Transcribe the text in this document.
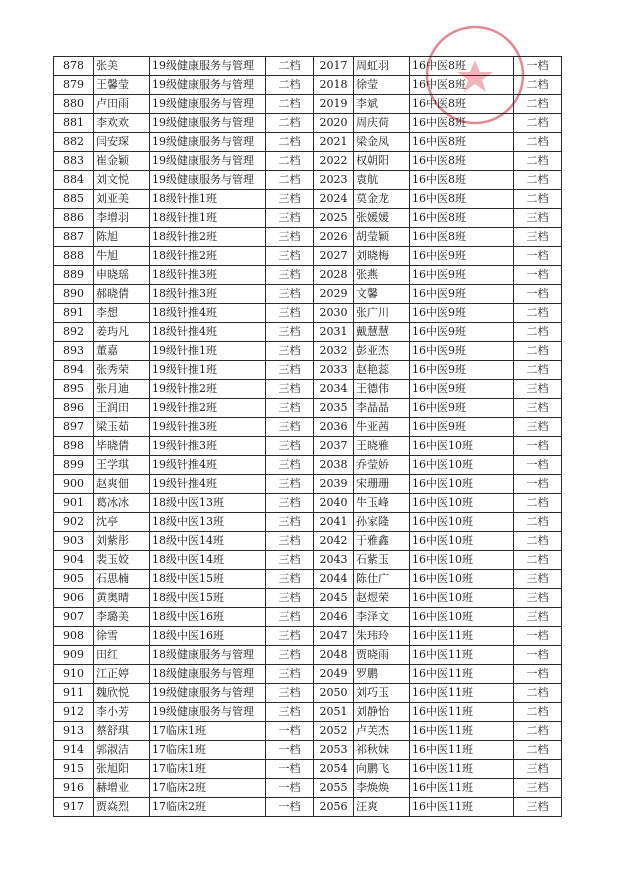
878	张美	19级健康服务与管理	二档	2017	周虹羽	16中医8班	一档
879	王馨莹	19级健康服务与管理	二档	2018	徐莹	16中医8班	二档
880	卢田雨	19级健康服务与管理	二档	2019	李斌	16中医8班	二档
881	李欢欢	19级健康服务与管理	二档	2020	周庆荷	16中医8班	二档
882	闫安琛	19级健康服务与管理	二档	2021	梁金凤	16中医8班	二档
883	崔金颖	19级健康服务与管理	二档	2022	权朝阳	16中医8班	二档
884	刘文悦	19级健康服务与管理	二档	2023	袁航	16中医8班	二档
885	刘亚美	18级针推1班	三档	2024	莫金龙	16中医8班	二档
886	李增羽	18级针推1班	三档	2025	张媛媛	16中医8班	三档
887	陈旭	18级针推2班	三档	2026	胡莹颖	16中医8班	三档
888	牛旭	18级针推2班	三档	2027	刘晓梅	16中医9班	一档
889	申晓瑶	18级针推3班	三档	2028	张燕	16中医9班	一档
890	郝晓倩	18级针推3班	三档	2029	文馨	16中医9班	一档
891	李想	18级针推4班	三档	2030	张广川	16中医9班	二档
892	姜玙凡	18级针推4班	三档	2031	戴慧慧	16中医9班	二档
893	董嘉	19级针推1班	三档	2032	彭亚杰	16中医9班	二档
894	张秀荣	19级针推1班	三档	2033	赵艳蕊	16中医9班	二档
895	张月迪	19级针推2班	三档	2034	王德伟	16中医9班	三档
896	王润田	19级针推2班	三档	2035	李晶晶	16中医9班	三档
897	梁玉茹	19级针推3班	三档	2036	牛亚茜	16中医9班	三档
898	毕晓倩	19级针推3班	三档	2037	王晓雅	16中医10班	一档
899	王学琪	19级针推4班	三档	2038	乔莹娇	16中医10班	一档
900	赵爽佃	19级针推4班	三档	2039	宋珊珊	16中医10班	一档
901	葛冰冰	18级中医13班	三档	2040	牛玉峰	16中医10班	二档
902	沈亭	18级中医13班	三档	2041	孙家隆	16中医10班	二档
903	刘紫彤	18级中医14班	三档	2042	于雅鑫	16中医10班	二档
904	裴玉姣	18级中医14班	三档	2043	石紫玉	16中医10班	二档
905	石思楠	18级中医15班	三档	2044	陈仕广	16中医10班	三档
906	黄奥晴	18级中医15班	三档	2045	赵煜荣	16中医10班	三档
907	李璐美	18级中医16班	三档	2046	李泽文	16中医10班	三档
908	徐雪	18级中医16班	三档	2047	朱玮玲	16中医11班	一档
909	田红	18级健康服务与管理	三档	2048	贾晓雨	16中医11班	一档
910	江正婷	18级健康服务与管理	三档	2049	罗鹏	16中医11班	一档
911	魏欣悦	19级健康服务与管理	三档	2050	刘巧玉	16中医11班	二档
912	李小芳	19级健康服务与管理	三档	2051	刘静怡	16中医11班	二档
913	蔡舒琪	17临床1班	一档	2052	卢芙杰	16中医11班	二档
914	郭淑洁	17临床1班	一档	2053	祁秋妹	16中医11班	二档
915	张旭阳	17临床1班	一档	2054	向鹏飞	16中医11班	三档
916	赫增业	17临床2班	一档	2055	李焕焕	16中医11班	三档
917	贾焱烈	17临床2班	一档	2056	汪爽	16中医11班	三档
